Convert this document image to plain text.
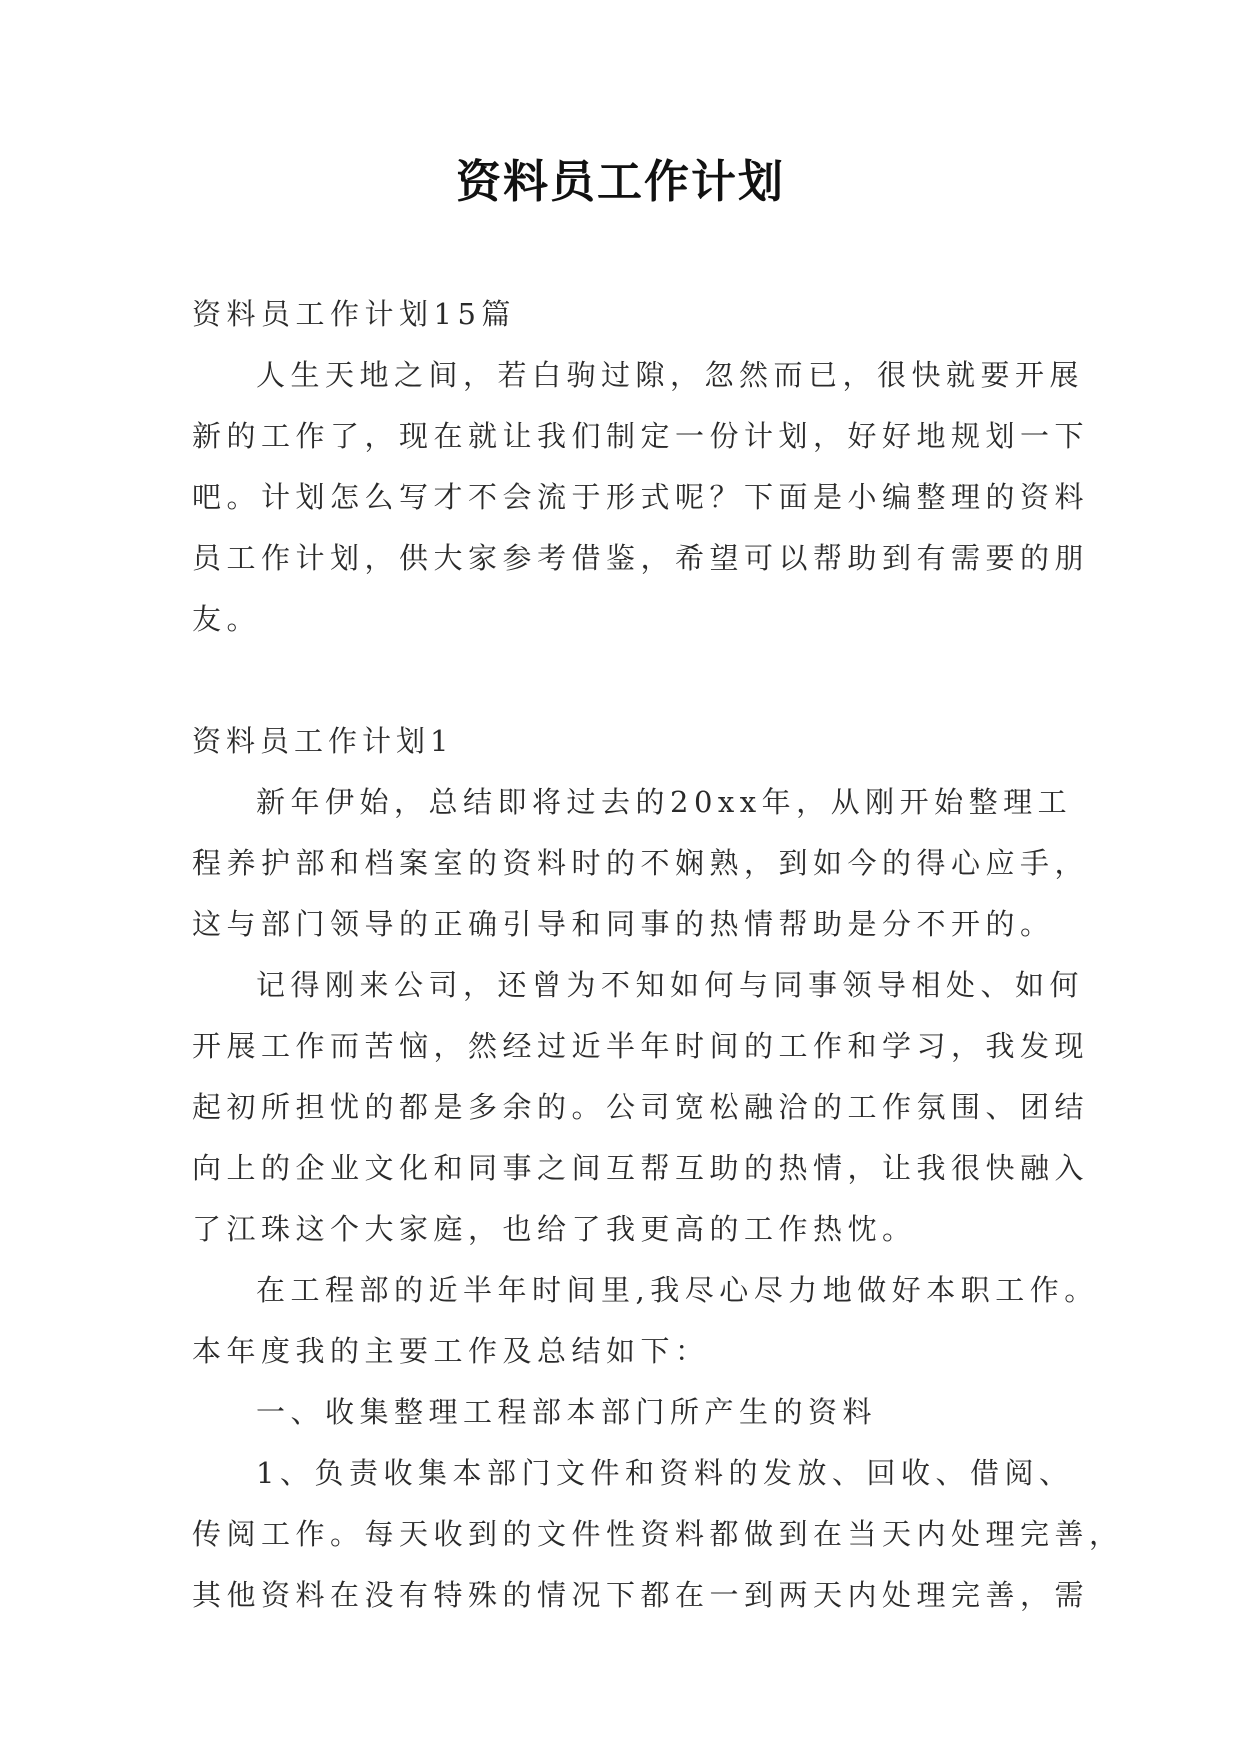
资料员工作计划

资料员工作计划15篇

人生天地之间，若白驹过隙，忽然而已，很快就要开展

新的工作了，现在就让我们制定一份计划，好好地规划一下

吧。计划怎么写才不会流于形式呢？下面是小编整理的资料

员工作计划，供大家参考借鉴，希望可以帮助到有需要的朋

友。

资料员工作计划1

新年伊始，总结即将过去的20xx年，从刚开始整理工

程养护部和档案室的资料时的不娴熟，到如今的得心应手，

这与部门领导的正确引导和同事的热情帮助是分不开的。

记得刚来公司，还曾为不知如何与同事领导相处、如何

开展工作而苦恼，然经过近半年时间的工作和学习，我发现

起初所担忧的都是多余的。公司宽松融洽的工作氛围、团结

向上的企业文化和同事之间互帮互助的热情，让我很快融入

了江珠这个大家庭，也给了我更高的工作热忱。

在工程部的近半年时间里,我尽心尽力地做好本职工作。

本年度我的主要工作及总结如下：

一、收集整理工程部本部门所产生的资料

1、负责收集本部门文件和资料的发放、回收、借阅、

传阅工作。每天收到的文件性资料都做到在当天内处理完善，

其他资料在没有特殊的情况下都在一到两天内处理完善，需
